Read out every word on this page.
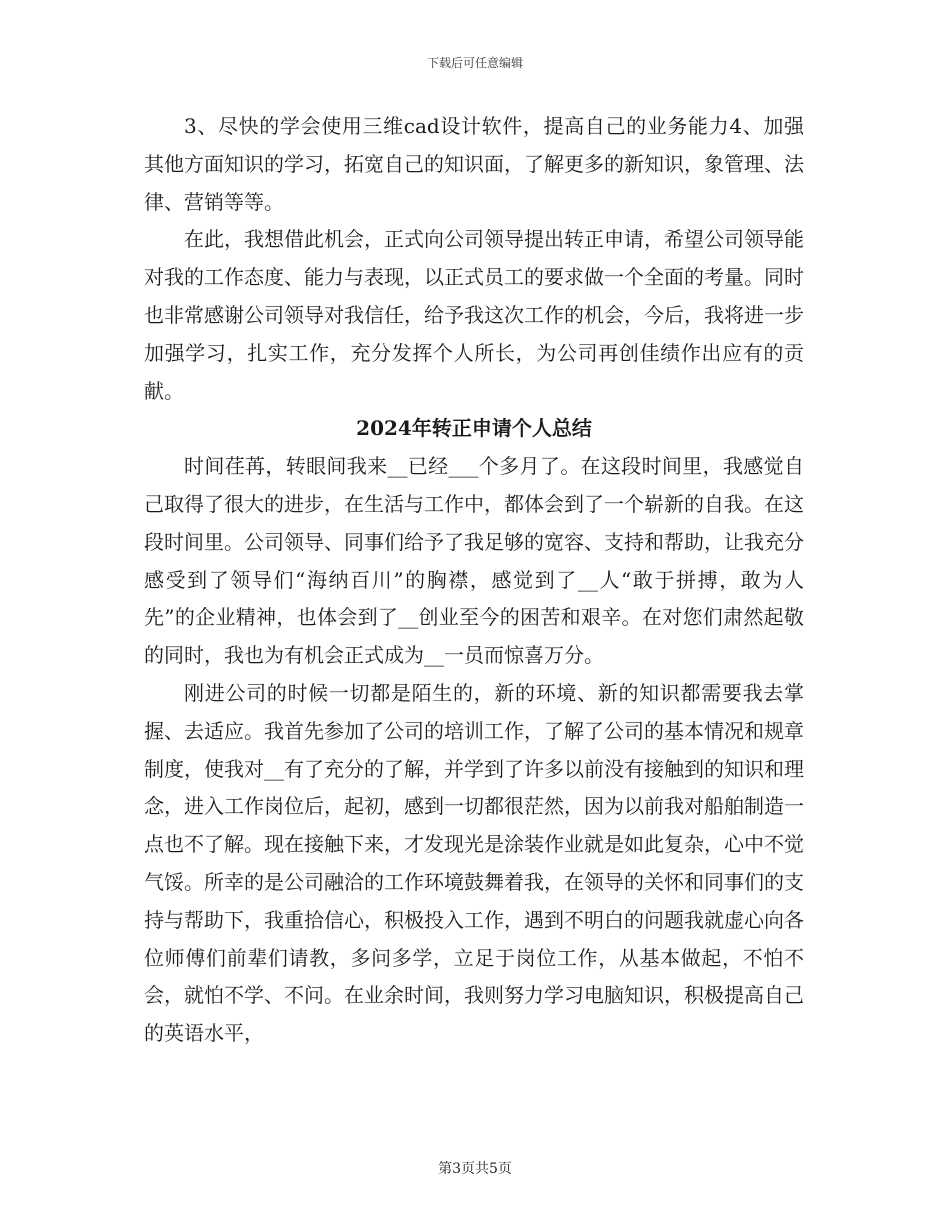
下载后可任意编辑

3、尽快的学会使用三维cad设计软件，提高自己的业务能力4、加强其他方面知识的学习，拓宽自己的知识面，了解更多的新知识，象管理、法律、营销等等。

在此，我想借此机会，正式向公司领导提出转正申请，希望公司领导能对我的工作态度、能力与表现，以正式员工的要求做一个全面的考量。同时也非常感谢公司领导对我信任，给予我这次工作的机会，今后，我将进一步加强学习，扎实工作，充分发挥个人所长，为公司再创佳绩作出应有的贡献。

2024年转正申请个人总结

时间荏苒，转眼间我来__已经___个多月了。在这段时间里，我感觉自己取得了很大的进步，在生活与工作中，都体会到了一个崭新的自我。在这段时间里。公司领导、同事们给予了我足够的宽容、支持和帮助，让我充分感受到了领导们“海纳百川”的胸襟，感觉到了__人“敢于拼搏，敢为人先”的企业精神，也体会到了__创业至今的困苦和艰辛。在对您们肃然起敬的同时，我也为有机会正式成为__一员而惊喜万分。

刚进公司的时候一切都是陌生的，新的环境、新的知识都需要我去掌握、去适应。我首先参加了公司的培训工作，了解了公司的基本情况和规章制度，使我对__有了充分的了解，并学到了许多以前没有接触到的知识和理念，进入工作岗位后，起初，感到一切都很茫然，因为以前我对船舶制造一点也不了解。现在接触下来，才发现光是涂装作业就是如此复杂，心中不觉气馁。所幸的是公司融洽的工作环境鼓舞着我，在领导的关怀和同事们的支持与帮助下，我重拾信心，积极投入工作，遇到不明白的问题我就虚心向各位师傅们前辈们请教，多问多学，立足于岗位工作，从基本做起，不怕不会，就怕不学、不问。在业余时间，我则努力学习电脑知识，积极提高自己的英语水平，

第3页共5页
